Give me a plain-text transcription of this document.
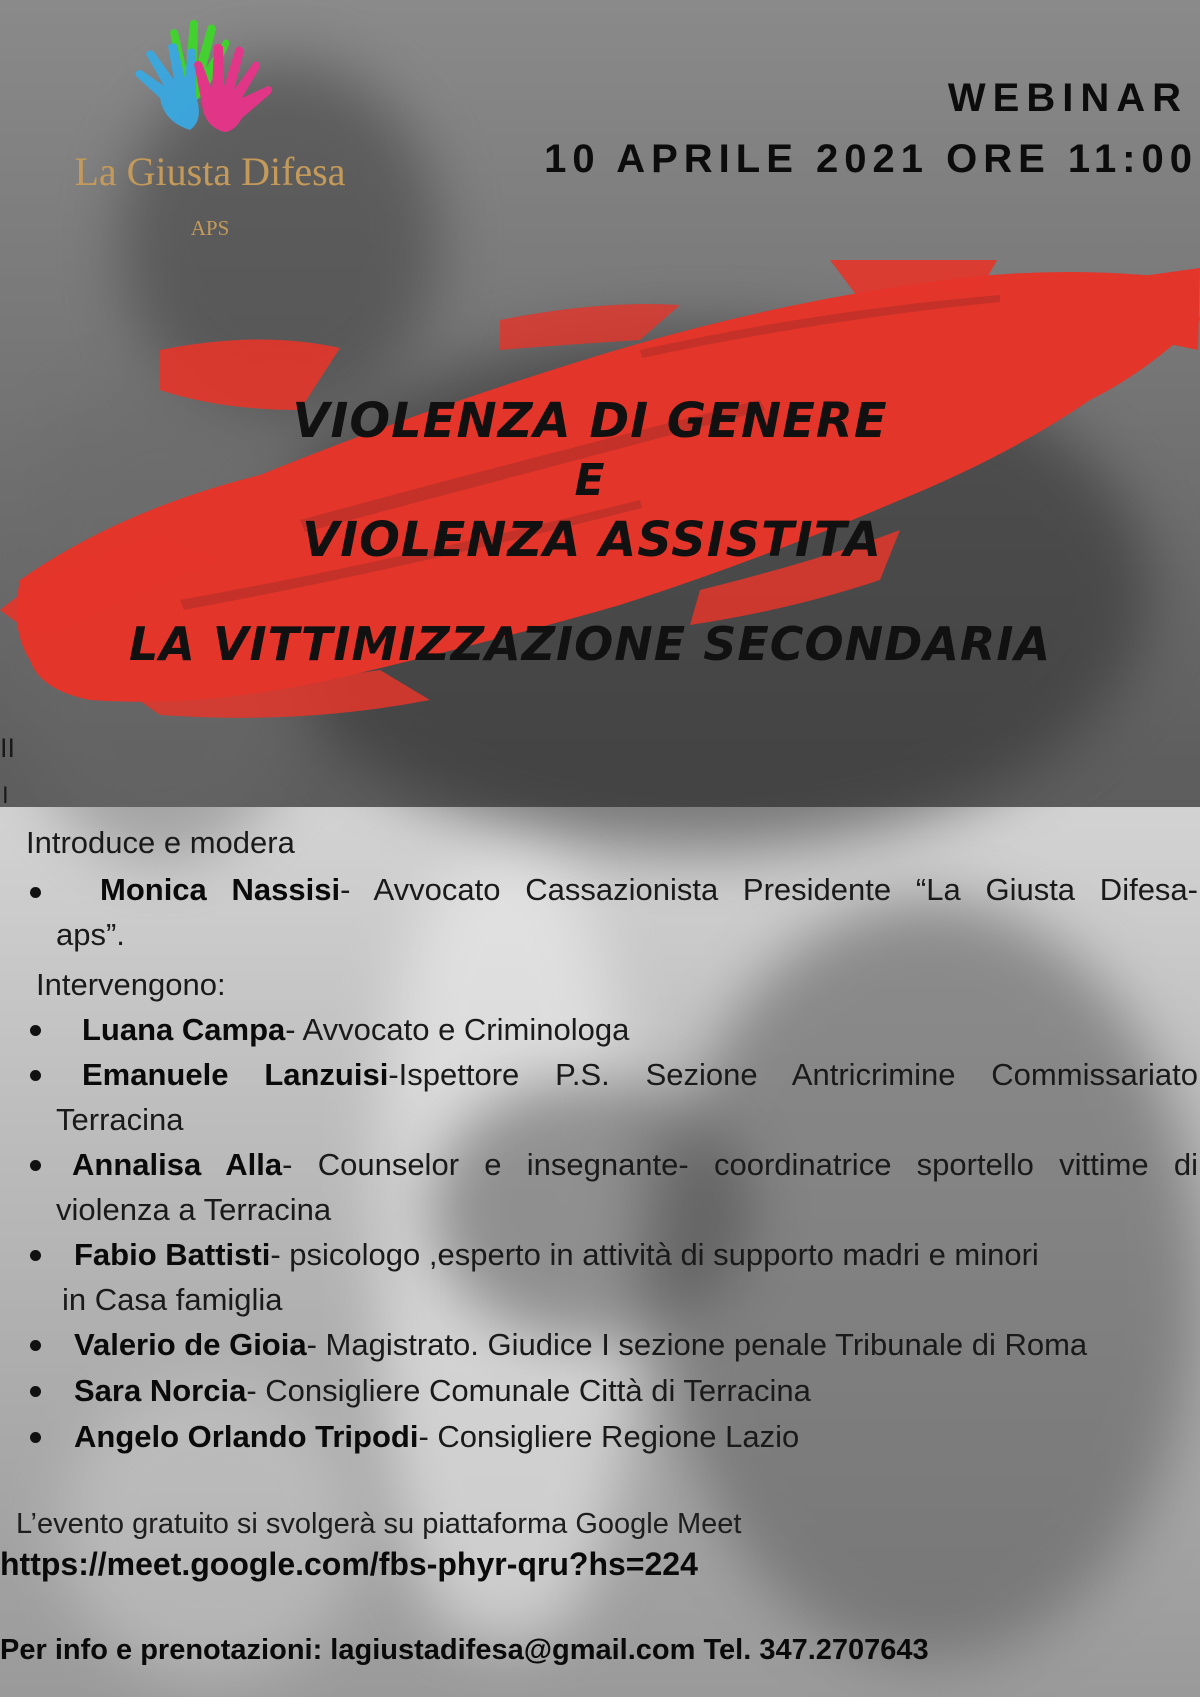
La Giusta Difesa
APS
WEBINAR
10 APRILE 2021 ORE 11:00
VIOLENZA DI GENERE
E
VIOLENZA ASSISTITA
LA VITTIMIZZAZIONE SECONDARIA
II
I
Introduce e modera
Monica Nassisi- Avvocato Cassazionista Presidente “La Giusta Difesa-
aps”.
Intervengono:
Luana Campa- Avvocato e Criminologa
Emanuele Lanzuisi-Ispettore P.S. Sezione Antricrimine Commissariato
Terracina
Annalisa Alla- Counselor e insegnante- coordinatrice sportello vittime di
violenza a Terracina
Fabio Battisti- psicologo ,esperto in attività di supporto madri e minori
in Casa famiglia
Valerio de Gioia- Magistrato. Giudice I sezione penale Tribunale di Roma
Sara Norcia- Consigliere Comunale Città di Terracina
Angelo Orlando Tripodi- Consigliere Regione Lazio
L’evento gratuito si svolgerà su piattaforma Google Meet
https://meet.google.com/fbs-phyr-qru?hs=224
Per info e prenotazioni: lagiustadifesa@gmail.com Tel. 347.2707643
